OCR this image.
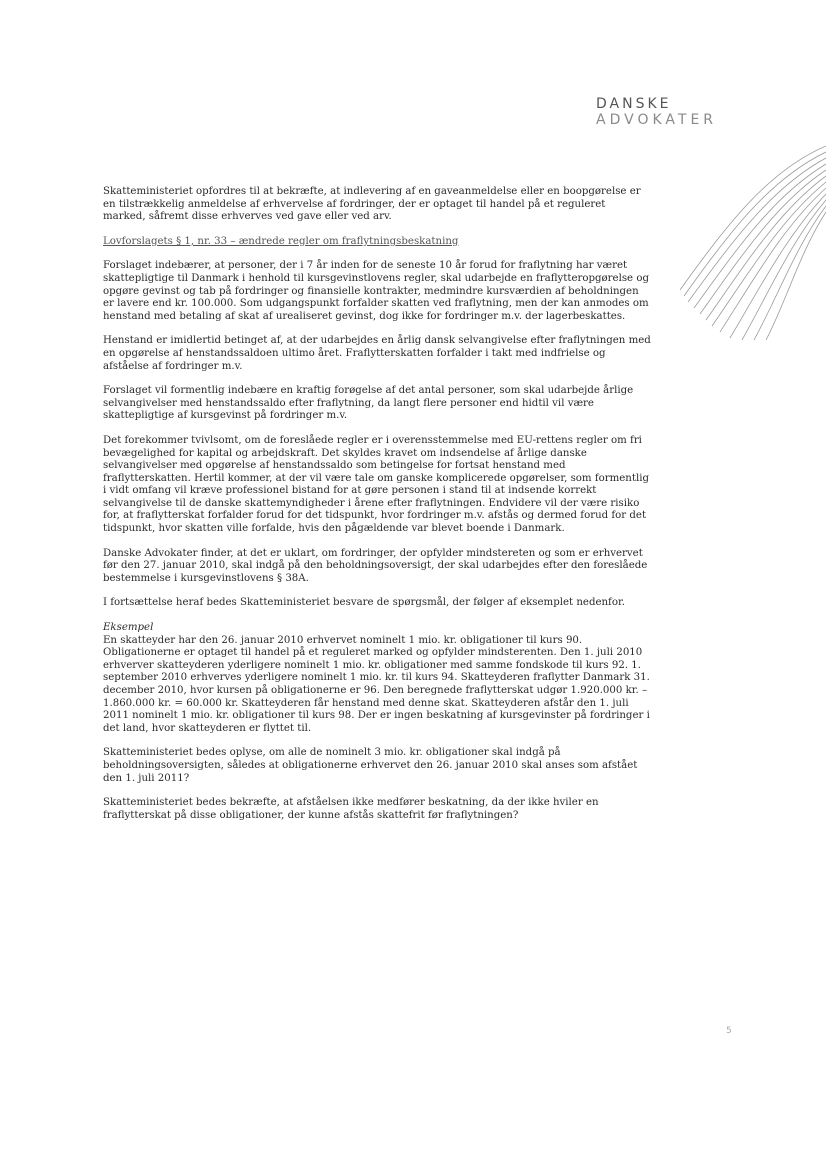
DANSKE
ADVOKATER

Skatteministeriet opfordres til at bekræfte, at indlevering af en gaveanmeldelse eller en boopgørelse er en tilstrækkelig anmeldelse af erhvervelse af fordringer, der er optaget til handel på et reguleret marked, såfremt disse erhverves ved gave eller ved arv.

Lovforslagets § 1, nr. 33 – ændrede regler om fraflytningsbeskatning

Forslaget indebærer, at personer, der i 7 år inden for de seneste 10 år forud for fraflytning har været skattepligtige til Danmark i henhold til kursgevinstlovens regler, skal udarbejde en fraflytteropgørelse og opgøre gevinst og tab på fordringer og finansielle kontrakter, medmindre kursværdien af beholdningen er lavere end kr. 100.000. Som udgangspunkt forfalder skatten ved fraflytning, men der kan anmodes om henstand med betaling af skat af urealiseret gevinst, dog ikke for fordringer m.v. der lagerbeskattes.

Henstand er imidlertid betinget af, at der udarbejdes en årlig dansk selvangivelse efter fraflytningen med en opgørelse af henstandssaldoen ultimo året. Fraflytterskatten forfalder i takt med indfrielse og afståelse af fordringer m.v.

Forslaget vil formentlig indebære en kraftig forøgelse af det antal personer, som skal udarbejde årlige selvangivelser med henstandssaldo efter fraflytning, da langt flere personer end hidtil vil være skattepligtige af kursgevinst på fordringer m.v.

Det forekommer tvivlsomt, om de foreslåede regler er i overensstemmelse med EU-rettens regler om fri bevægelighed for kapital og arbejdskraft. Det skyldes kravet om indsendelse af årlige danske selvangivelser med opgørelse af henstandssaldo som betingelse for fortsat henstand med fraflytterskatten. Hertil kommer, at der vil være tale om ganske komplicerede opgørelser, som formentlig i vidt omfang vil kræve professionel bistand for at gøre personen i stand til at indsende korrekt selvangivelse til de danske skattemyndigheder i årene efter fraflytningen. Endvidere vil der være risiko for, at fraflytterskat forfalder forud for det tidspunkt, hvor fordringer m.v. afstås og dermed forud for det tidspunkt, hvor skatten ville forfalde, hvis den pågældende var blevet boende i Danmark.

Danske Advokater finder, at det er uklart, om fordringer, der opfylder mindstereten og som er erhvervet før den 27. januar 2010, skal indgå på den beholdningsoversigt, der skal udarbejdes efter den foreslåede bestemmelse i kursgevinstlovens § 38A.

I fortsættelse heraf bedes Skatteministeriet besvare de spørgsmål, der følger af eksemplet nedenfor.

Eksempel
En skatteyder har den 26. januar 2010 erhvervet nominelt 1 mio. kr. obligationer til kurs 90. Obligationerne er optaget til handel på et reguleret marked og opfylder mindsterenten. Den 1. juli 2010 erhverver skatteyderen yderligere nominelt 1 mio. kr. obligationer med samme fondskode til kurs 92. 1. september 2010 erhverves yderligere nominelt 1 mio. kr. til kurs 94. Skatteyderen fraflytter Danmark 31. december 2010, hvor kursen på obligationerne er 96. Den beregnede fraflytterskat udgør 1.920.000 kr. – 1.860.000 kr. = 60.000 kr. Skatteyderen får henstand med denne skat. Skatteyderen afstår den 1. juli 2011 nominelt 1 mio. kr. obligationer til kurs 98. Der er ingen beskatning af kursgevinster på fordringer i det land, hvor skatteyderen er flyttet til.

Skatteministeriet bedes oplyse, om alle de nominelt 3 mio. kr. obligationer skal indgå på beholdningsoversigten, således at obligationerne erhvervet den 26. januar 2010 skal anses som afstået den 1. juli 2011?

Skatteministeriet bedes bekræfte, at afståelsen ikke medfører beskatning, da der ikke hviler en fraflytterskat på disse obligationer, der kunne afstås skattefrit før fraflytningen?

5
